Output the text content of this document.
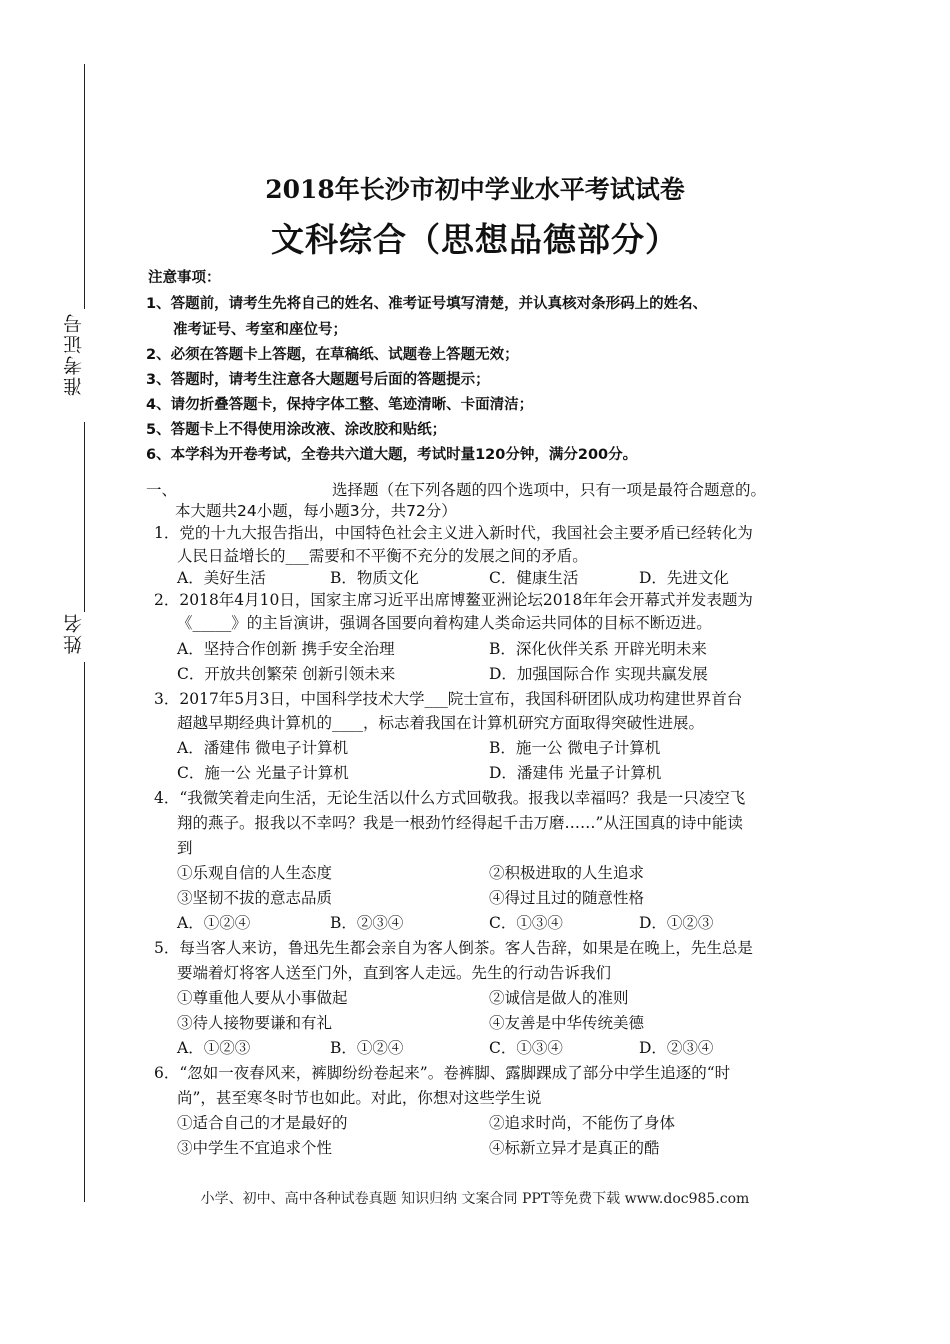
准考证号
姓名
2018年长沙市初中学业水平考试试卷
文科综合（思想品德部分）
注意事项：
1、答题前，请考生先将自己的姓名、准考证号填写清楚，并认真核对条形码上的姓名、
准考证号、考室和座位号；
2、必须在答题卡上答题，在草稿纸、试题卷上答题无效；
3、答题时，请考生注意各大题题号后面的答题提示；
4、请勿折叠答题卡，保持字体工整、笔迹清晰、卡面清洁；
5、答题卡上不得使用涂改液、涂改胶和贴纸；
6、本学科为开卷考试，全卷共六道大题，考试时量120分钟，满分200分。
一、	选择题（在下列各题的四个选项中，只有一项是最符合题意的。
本大题共24小题，每小题3分，共72分）
1．党的十九大报告指出，中国特色社会主义进入新时代，我国社会主要矛盾已经转化为
人民日益增长的___需要和不平衡不充分的发展之间的矛盾。
A．美好生活	B．物质文化	C．健康生活	D．先进文化
2．2018年4月10日，国家主席习近平出席博鳌亚洲论坛2018年年会开幕式并发表题为
《_____》的主旨演讲，强调各国要向着构建人类命运共同体的目标不断迈进。
A．坚持合作创新 携手安全治理	B．深化伙伴关系 开辟光明未来
C．开放共创繁荣 创新引领未来	D．加强国际合作 实现共赢发展
3．2017年5月3日，中国科学技术大学___院士宣布，我国科研团队成功构建世界首台
超越早期经典计算机的____，标志着我国在计算机研究方面取得突破性进展。
A．潘建伟 微电子计算机	B．施一公 微电子计算机
C．施一公 光量子计算机	D．潘建伟 光量子计算机
4．“我微笑着走向生活，无论生活以什么方式回敬我。报我以幸福吗？我是一只凌空飞
翔的燕子。报我以不幸吗？我是一根劲竹经得起千击万磨……”从汪国真的诗中能读
到
①乐观自信的人生态度	②积极进取的人生追求
③坚韧不拔的意志品质	④得过且过的随意性格
A．①②④	B．②③④	C．①③④	D．①②③
5．每当客人来访，鲁迅先生都会亲自为客人倒茶。客人告辞，如果是在晚上，先生总是
要端着灯将客人送至门外，直到客人走远。先生的行动告诉我们
①尊重他人要从小事做起	②诚信是做人的准则
③待人接物要谦和有礼	④友善是中华传统美德
A．①②③	B．①②④	C．①③④	D．②③④
6．“忽如一夜春风来，裤脚纷纷卷起来”。卷裤脚、露脚踝成了部分中学生追逐的“时
尚”，甚至寒冬时节也如此。对此，你想对这些学生说
①适合自己的才是最好的	②追求时尚，不能伤了身体
③中学生不宜追求个性	④标新立异才是真正的酷
小学、初中、高中各种试卷真题 知识归纳 文案合同 PPT等免费下载 www.doc985.com
